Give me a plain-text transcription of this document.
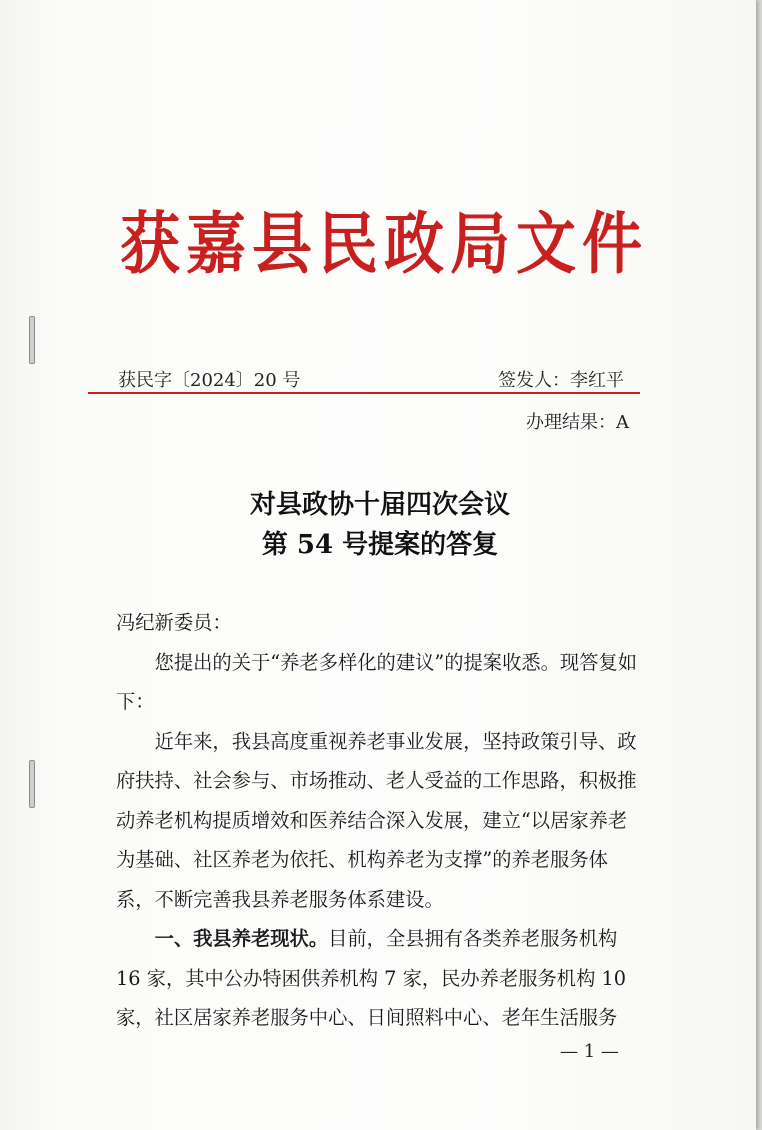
获嘉县民政局文件
获民字〔2024〕20 号	签发人：李红平
办理结果：A
对县政协十届四次会议
第 54 号提案的答复

冯纪新委员：

您提出的关于“养老多样化的建议”的提案收悉。现答复如下：

近年来，我县高度重视养老事业发展，坚持政策引导、政府扶持、社会参与、市场推动、老人受益的工作思路，积极推动养老机构提质增效和医养结合深入发展，建立“以居家养老为基础、社区养老为依托、机构养老为支撑”的养老服务体系，不断完善我县养老服务体系建设。

一、我县养老现状。目前，全县拥有各类养老服务机构 16 家，其中公办特困供养机构 7 家，民办养老服务机构 10 家，社区居家养老服务中心、日间照料中心、老年生活服务

— 1 —
